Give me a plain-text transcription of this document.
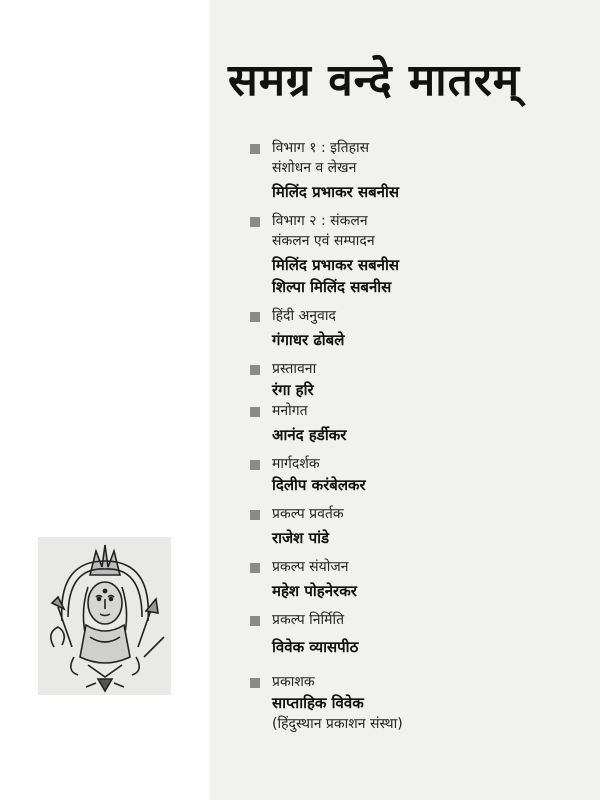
समग्र वन्दे मातरम्
विभाग १ : इतिहास
संशोधन व लेखन
मिलिंद प्रभाकर सबनीस
विभाग २ : संकलन
संकलन एवं सम्पादन
मिलिंद प्रभाकर सबनीस
शिल्पा मिलिंद सबनीस
हिंदी अनुवाद
गंगाधर ढोबले
प्रस्तावना
रंगा हरि
मनोगत
आनंद हर्डीकर
मार्गदर्शक
दिलीप करंबेलकर
प्रकल्प प्रवर्तक
राजेश पांडे
प्रकल्प संयोजन
महेश पोहनेरकर
प्रकल्प निर्मिति
विवेक व्यासपीठ
प्रकाशक
साप्ताहिक विवेक
(हिंदुस्थान प्रकाशन संस्था)
